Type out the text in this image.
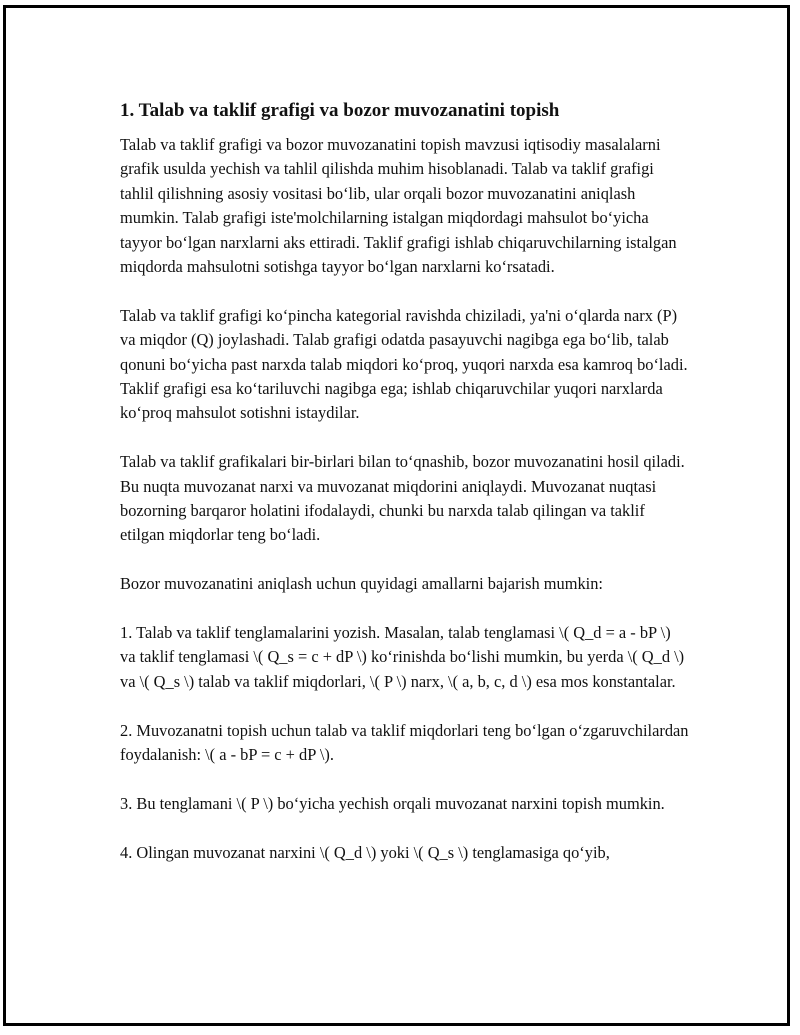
1. Talab va taklif grafigi va bozor muvozanatini topish

Talab va taklif grafigi va bozor muvozanatini topish mavzusi iqtisodiy masalalarni grafik usulda yechish va tahlil qilishda muhim hisoblanadi. Talab va taklif grafigi tahlil qilishning asosiy vositasi bo‘lib, ular orqali bozor muvozanatini aniqlash mumkin. Talab grafigi iste'molchilarning istalgan miqdordagi mahsulot bo‘yicha tayyor bo‘lgan narxlarni aks ettiradi. Taklif grafigi ishlab chiqaruvchilarning istalgan miqdorda mahsulotni sotishga tayyor bo‘lgan narxlarni ko‘rsatadi.

Talab va taklif grafigi ko‘pincha kategorial ravishda chiziladi, ya'ni o‘qlarda narx (P) va miqdor (Q) joylashadi. Talab grafigi odatda pasayuvchi nagibga ega bo‘lib, talab qonuni bo‘yicha past narxda talab miqdori ko‘proq, yuqori narxda esa kamroq bo‘ladi. Taklif grafigi esa ko‘tariluvchi nagibga ega; ishlab chiqaruvchilar yuqori narxlarda ko‘proq mahsulot sotishni istaydilar.

Talab va taklif grafikalari bir-birlari bilan to‘qnashib, bozor muvozanatini hosil qiladi. Bu nuqta muvozanat narxi va muvozanat miqdorini aniqlaydi. Muvozanat nuqtasi bozorning barqaror holatini ifodalaydi, chunki bu narxda talab qilingan va taklif etilgan miqdorlar teng bo‘ladi.

Bozor muvozanatini aniqlash uchun quyidagi amallarni bajarish mumkin:

1. Talab va taklif tenglamalarini yozish. Masalan, talab tenglamasi \( Q_d = a - bP \) va taklif tenglamasi \( Q_s = c + dP \) ko‘rinishda bo‘lishi mumkin, bu yerda \( Q_d \) va \( Q_s \) talab va taklif miqdorlari, \( P \) narx, \( a, b, c, d \) esa mos konstantalar.

2. Muvozanatni topish uchun talab va taklif miqdorlari teng bo‘lgan o‘zgaruvchilardan foydalanish: \( a - bP = c + dP \).

3. Bu tenglamani \( P \) bo‘yicha yechish orqali muvozanat narxini topish mumkin.

4. Olingan muvozanat narxini \( Q_d \) yoki \( Q_s \) tenglamasiga qo‘yib,
